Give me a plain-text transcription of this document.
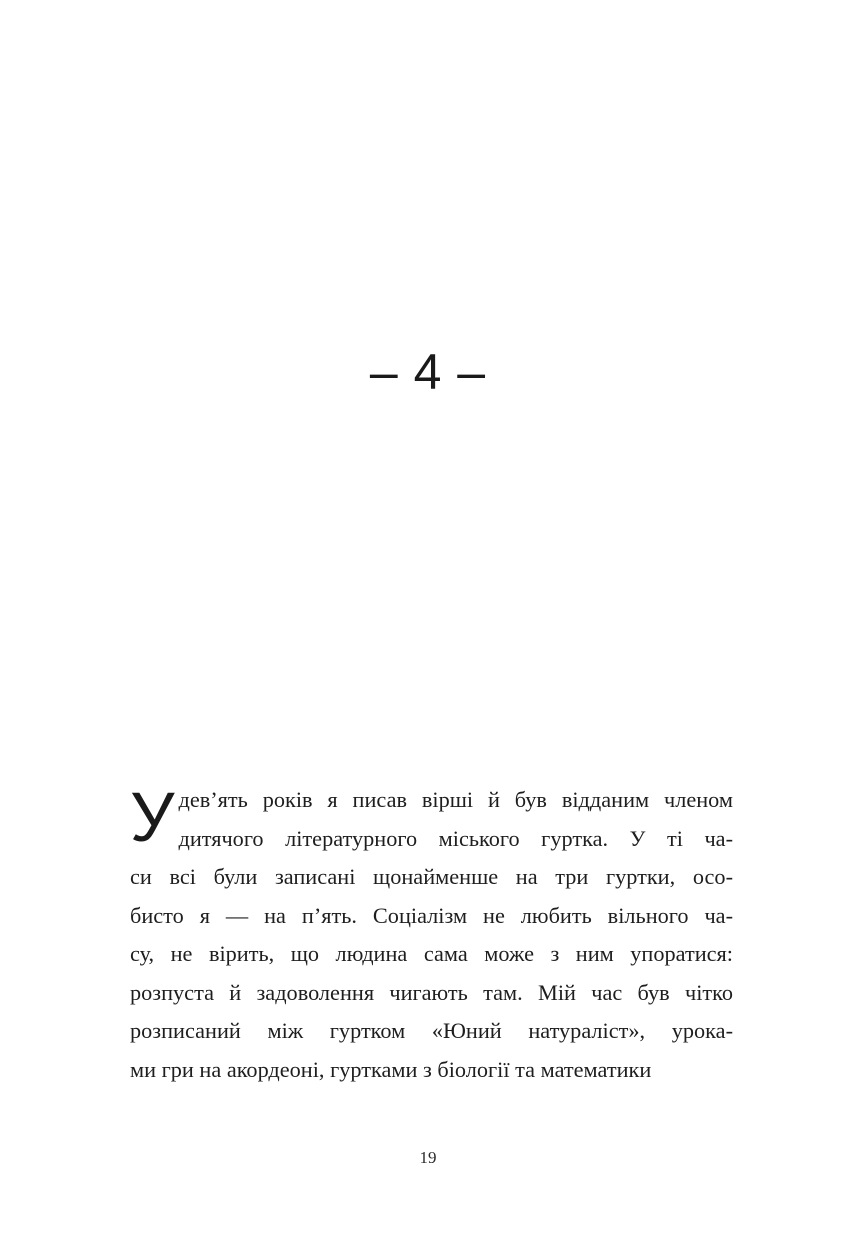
– 4 –
У дев’ять років я писав вірші й був відданим членом
дитячого літературного міського гуртка. У ті ча-
си всі були записані щонайменше на три гуртки, осо-
бисто я — на п’ять. Соціалізм не любить вільного ча-
су, не вірить, що людина сама може з ним упоратися:
розпуста й задоволення чигають там. Мій час був чітко
розписаний між гуртком «Юний натураліст», урока-
ми гри на акордеоні, гуртками з біології та математики
19
